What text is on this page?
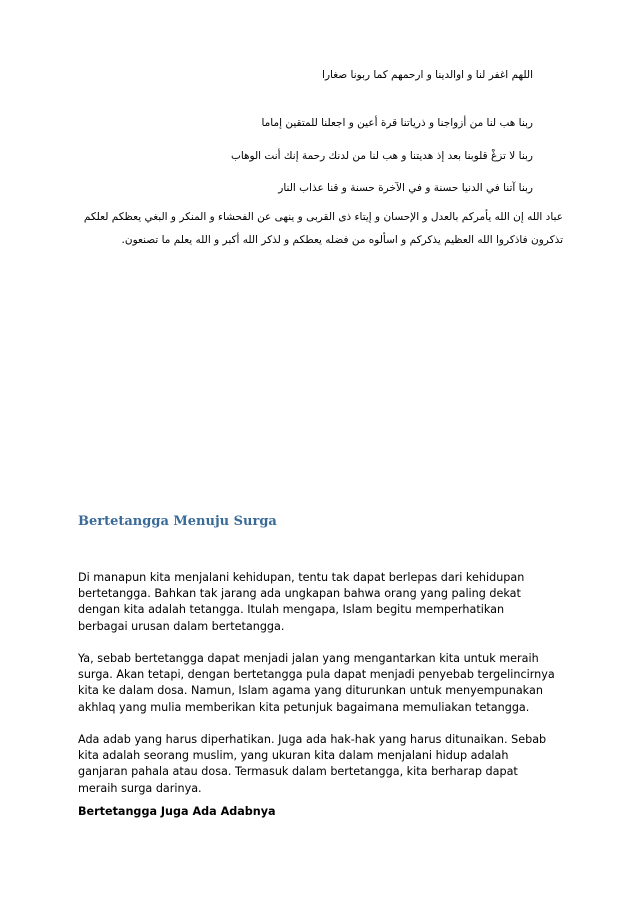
اللهم اغفر لنا و اوالدينا و ارحمهم كما ربونا صغارا

ربنا هب لنا من أزواجنا و ذرياتنا قرة أعين و اجعلنا للمتقين إماما

ربنا لا تزغْ قلوبنا بعد إذ هديتنا و هب لنا من لدنك رحمة إنك أنت الوهاب

ربنا آتنا في الدنيا حسنة و في الآخرة حسنة و قنا عذاب النار

عباد الله إن الله يأمركم بالعدل و الإحسان و إيتاء ذى القربى و ينهى عن الفحشاء و المنكر و البغي يعظكم لعلكم
تذكرون فاذكروا الله العظيم يذكركم و اسألوه من فضله يعطكم و لذكر الله أكبر و الله يعلم ما تصنعون.
Bertetangga Menuju Surga
Di manapun kita menjalani kehidupan, tentu tak dapat berlepas dari kehidupan
bertetangga. Bahkan tak jarang ada ungkapan bahwa orang yang paling dekat
dengan kita adalah tetangga. Itulah mengapa, Islam begitu memperhatikan
berbagai urusan dalam bertetangga.
Ya, sebab bertetangga dapat menjadi jalan yang mengantarkan kita untuk meraih
surga. Akan tetapi, dengan bertetangga pula dapat menjadi penyebab tergelincirnya
kita ke dalam dosa. Namun, Islam agama yang diturunkan untuk menyempunakan
akhlaq yang mulia memberikan kita petunjuk bagaimana memuliakan tetangga.
Ada adab yang harus diperhatikan. Juga ada hak-hak yang harus ditunaikan. Sebab
kita adalah seorang muslim, yang ukuran kita dalam menjalani hidup adalah
ganjaran pahala atau dosa. Termasuk dalam bertetangga, kita berharap dapat
meraih surga darinya.

Bertetangga Juga Ada Adabnya
